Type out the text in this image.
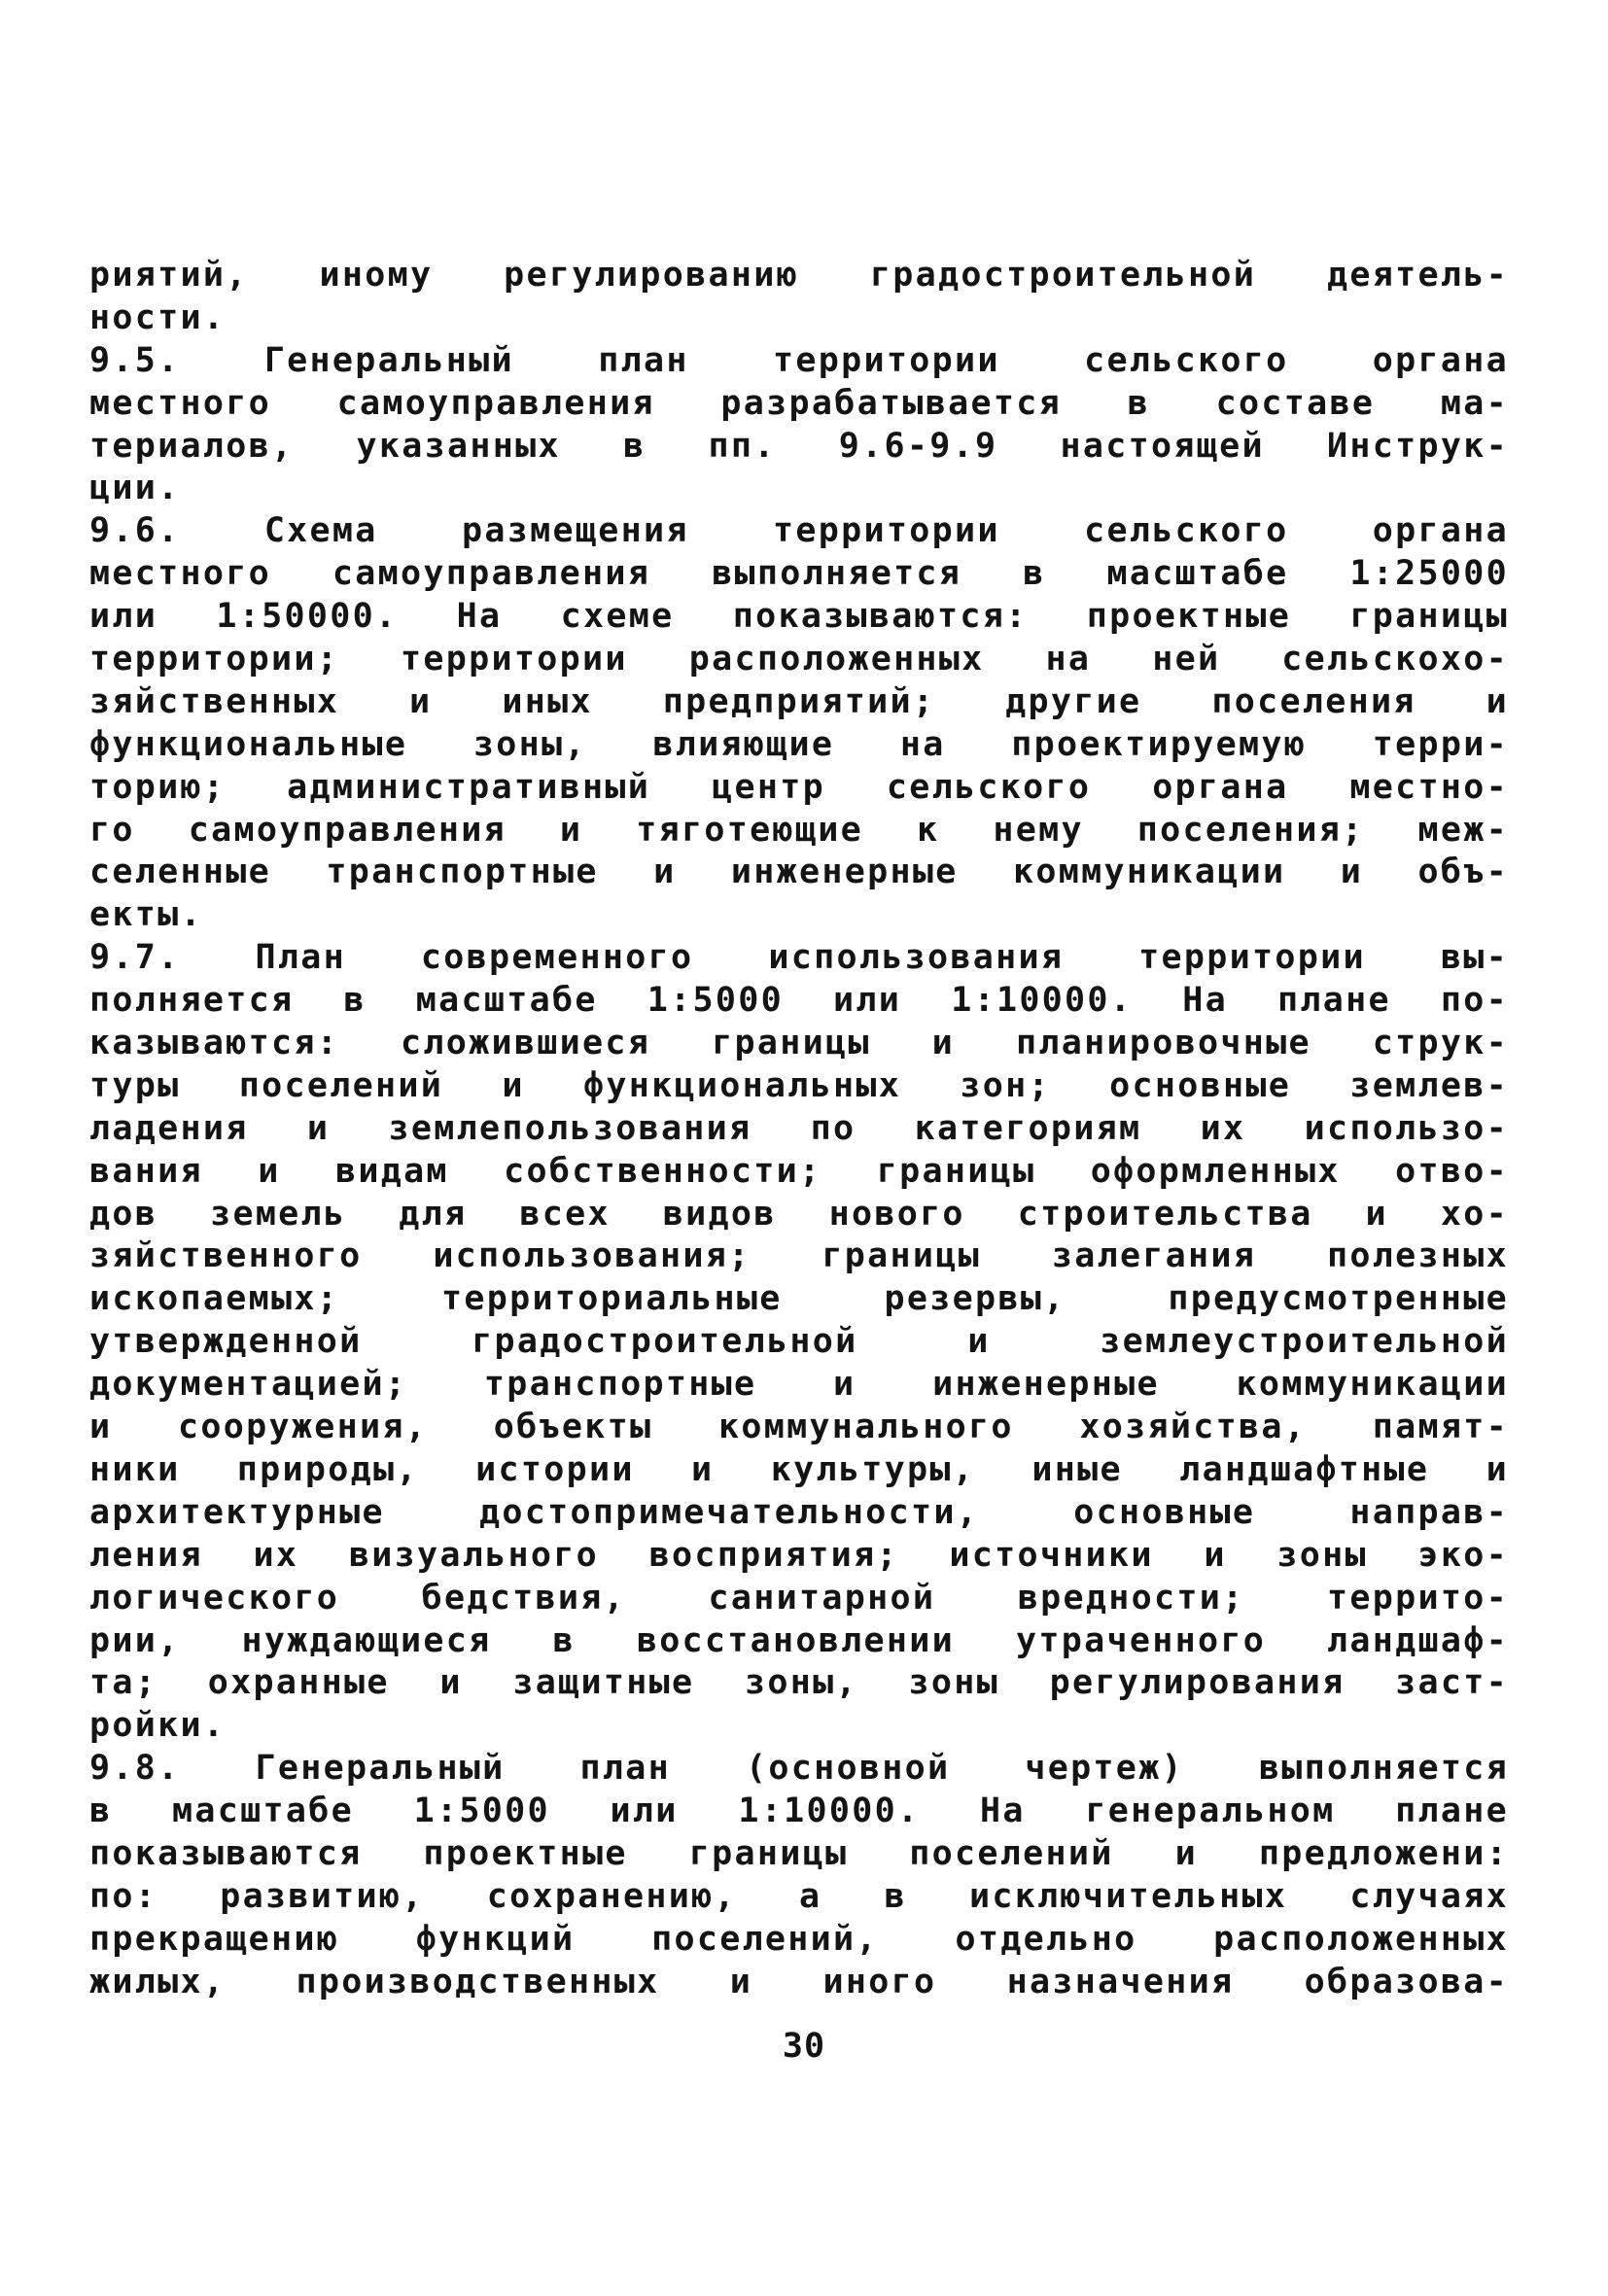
риятий, иному регулированию градостроительной деятель-
ности.
9.5. Генеральный план территории сельского органа
местного самоуправления разрабатывается в составе ма-
териалов, указанных в пп. 9.6-9.9 настоящей Инструк-
ции.
9.6. Схема размещения территории сельского органа
местного самоуправления выполняется в масштабе 1:25000
или 1:50000. На схеме показываются: проектные границы
территории; территории расположенных на ней сельскохо-
зяйственных и иных предприятий; другие поселения и
функциональные зоны, влияющие на проектируемую терри-
торию; административный центр сельского органа местно-
го самоуправления и тяготеющие к нему поселения; меж-
селенные транспортные и инженерные коммуникации и объ-
екты.
9.7. План современного использования территории вы-
полняется в масштабе 1:5000 или 1:10000. На плане по-
казываются: сложившиеся границы и планировочные струк-
туры поселений и функциональных зон; основные землев-
ладения и землепользования по категориям их использо-
вания и видам собственности; границы оформленных отво-
дов земель для всех видов нового строительства и хо-
зяйственного использования; границы залегания полезных
ископаемых; территориальные резервы, предусмотренные
утвержденной градостроительной и землеустроительной
документацией; транспортные и инженерные коммуникации
и сооружения, объекты коммунального хозяйства, памят-
ники природы, истории и культуры, иные ландшафтные и
архитектурные достопримечательности, основные направ-
ления их визуального восприятия; источники и зоны эко-
логического бедствия, санитарной вредности; террито-
рии, нуждающиеся в восстановлении утраченного ландшаф-
та; охранные и защитные зоны, зоны регулирования заст-
ройки.
9.8. Генеральный план (основной чертеж) выполняется
в масштабе 1:5000 или 1:10000. На генеральном плане
показываются проектные границы поселений и предложени:
по: развитию, сохранению, а в исключительных случаях
прекращению функций поселений, отдельно расположенных
жилых, производственных и иного назначения образова-
30
